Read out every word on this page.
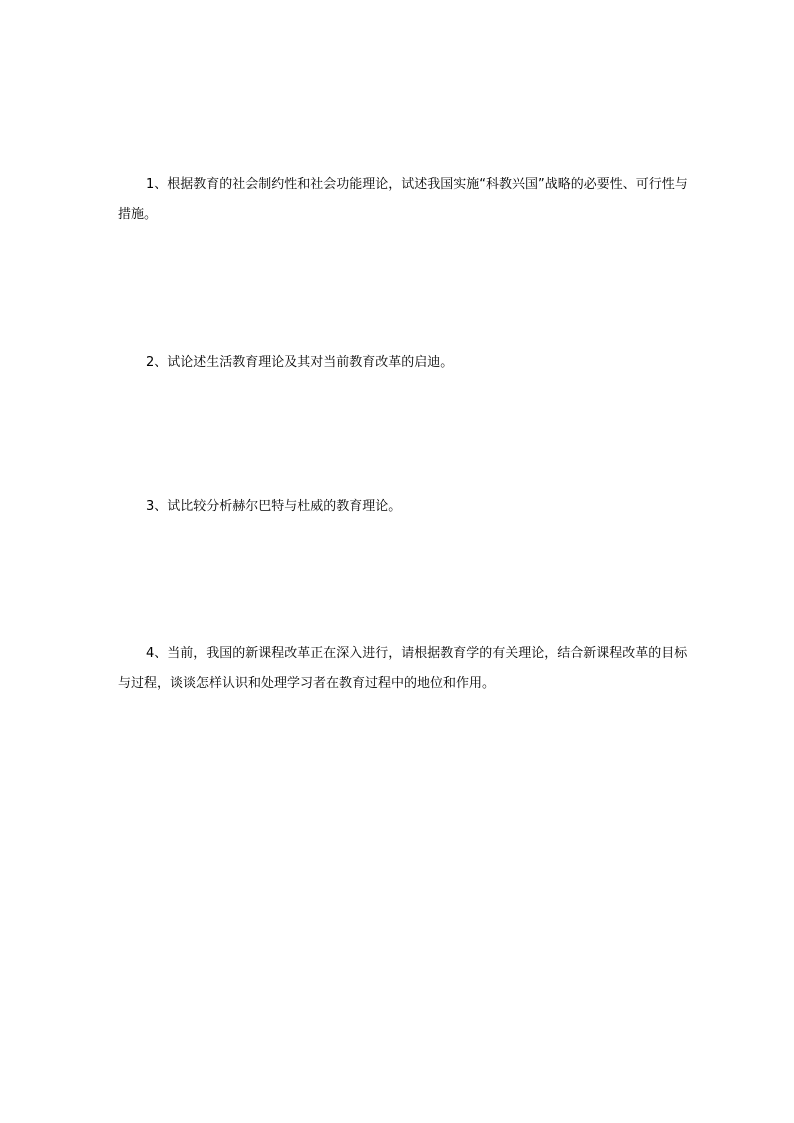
1、根据教育的社会制约性和社会功能理论，试述我国实施“科教兴国”战略的必要性、可行性与措施。

2、试论述生活教育理论及其对当前教育改革的启迪。

3、试比较分析赫尔巴特与杜威的教育理论。

4、当前，我国的新课程改革正在深入进行，请根据教育学的有关理论，结合新课程改革的目标与过程，谈谈怎样认识和处理学习者在教育过程中的地位和作用。
